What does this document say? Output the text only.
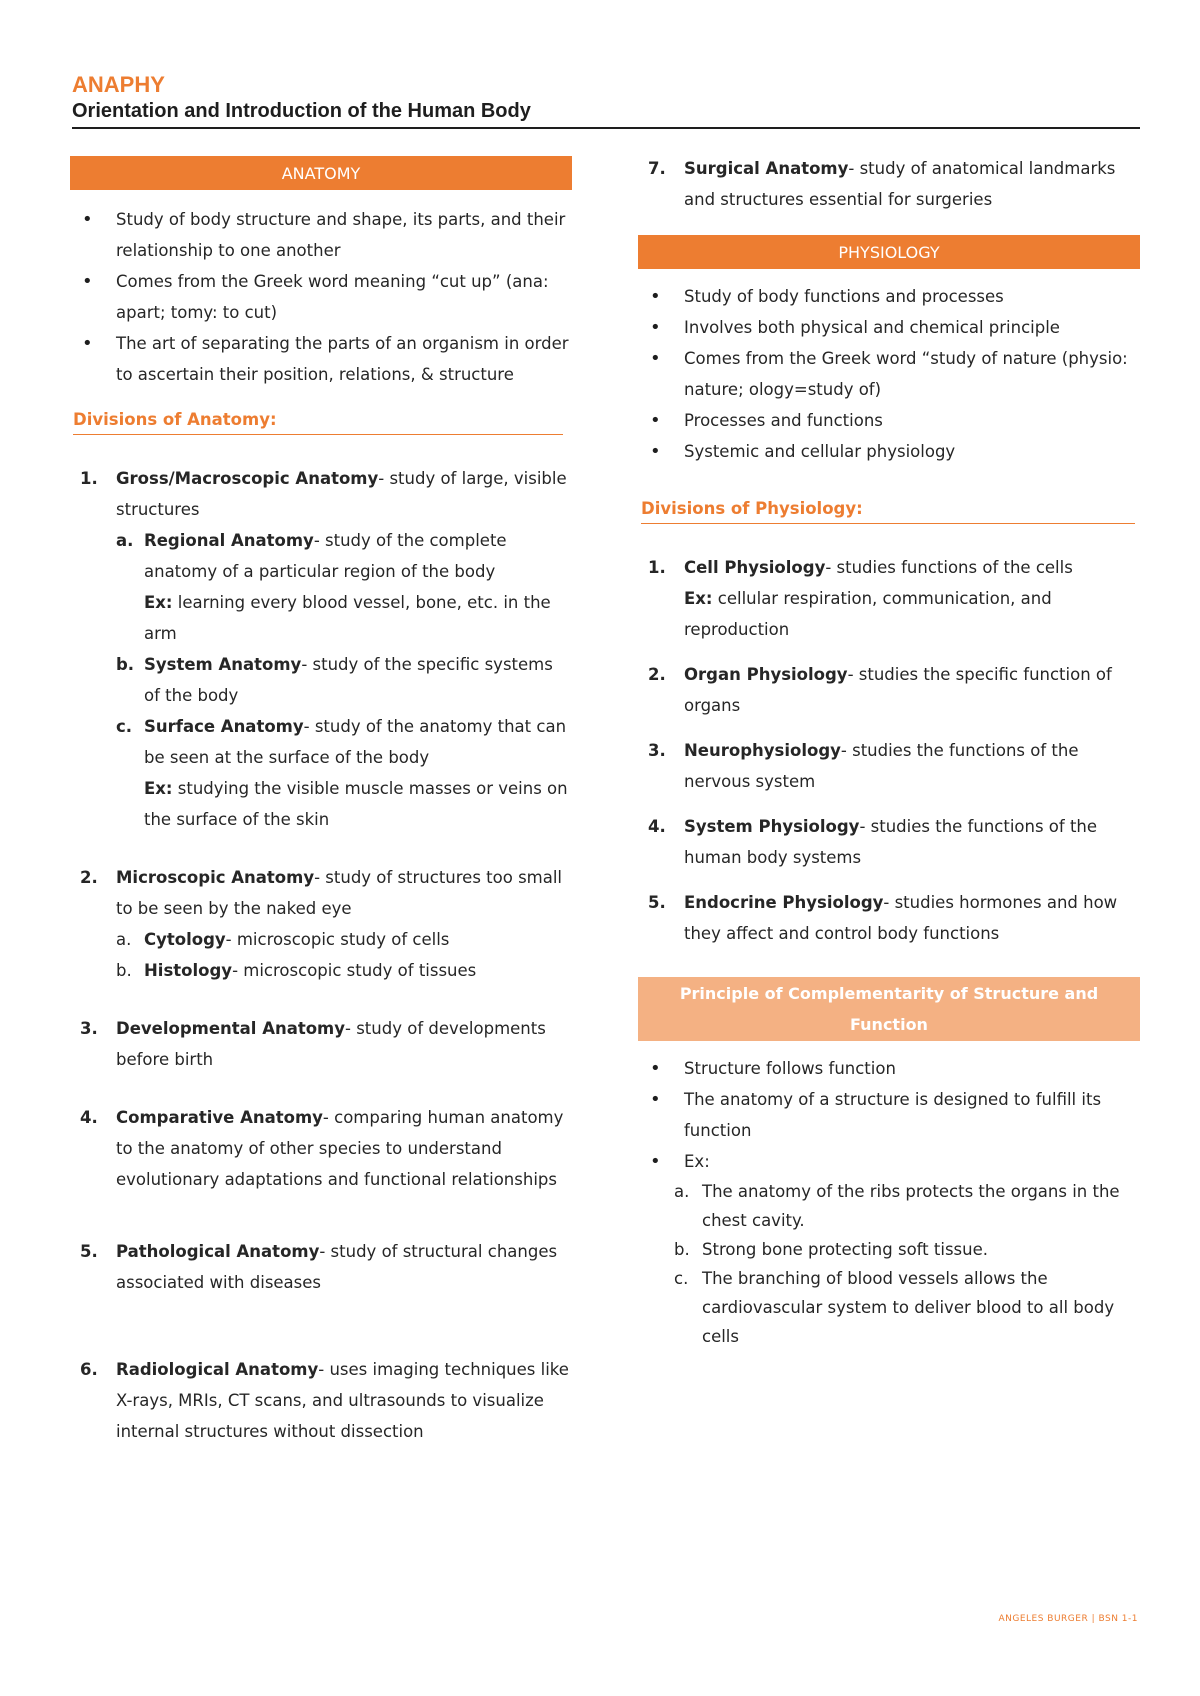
ANAPHY
Orientation and Introduction of the Human Body
ANATOMY
• Study of body structure and shape, its parts, and their relationship to one another
• Comes from the Greek word meaning “cut up” (ana: apart; tomy: to cut)
• The art of separating the parts of an organism in order to ascertain their position, relations, & structure
Divisions of Anatomy:
1. Gross/Macroscopic Anatomy- study of large, visible structures
a. Regional Anatomy- study of the complete anatomy of a particular region of the body
Ex: learning every blood vessel, bone, etc. in the arm
b. System Anatomy- study of the specific systems of the body
c. Surface Anatomy- study of the anatomy that can be seen at the surface of the body
Ex: studying the visible muscle masses or veins on the surface of the skin
2. Microscopic Anatomy- study of structures too small to be seen by the naked eye
a. Cytology- microscopic study of cells
b. Histology- microscopic study of tissues
3. Developmental Anatomy- study of developments before birth
4. Comparative Anatomy- comparing human anatomy to the anatomy of other species to understand evolutionary adaptations and functional relationships
5. Pathological Anatomy- study of structural changes associated with diseases
6. Radiological Anatomy- uses imaging techniques like X-rays, MRIs, CT scans, and ultrasounds to visualize internal structures without dissection
7. Surgical Anatomy- study of anatomical landmarks and structures essential for surgeries
PHYSIOLOGY
• Study of body functions and processes
• Involves both physical and chemical principle
• Comes from the Greek word “study of nature (physio: nature; ology=study of)
• Processes and functions
• Systemic and cellular physiology
Divisions of Physiology:
1. Cell Physiology- studies functions of the cells
Ex: cellular respiration, communication, and reproduction
2. Organ Physiology- studies the specific function of organs
3. Neurophysiology- studies the functions of the nervous system
4. System Physiology- studies the functions of the human body systems
5. Endocrine Physiology- studies hormones and how they affect and control body functions
Principle of Complementarity of Structure and Function
• Structure follows function
• The anatomy of a structure is designed to fulfill its function
• Ex:
a. The anatomy of the ribs protects the organs in the chest cavity.
b. Strong bone protecting soft tissue.
c. The branching of blood vessels allows the cardiovascular system to deliver blood to all body cells
ANGELES BURGER | BSN 1-1
